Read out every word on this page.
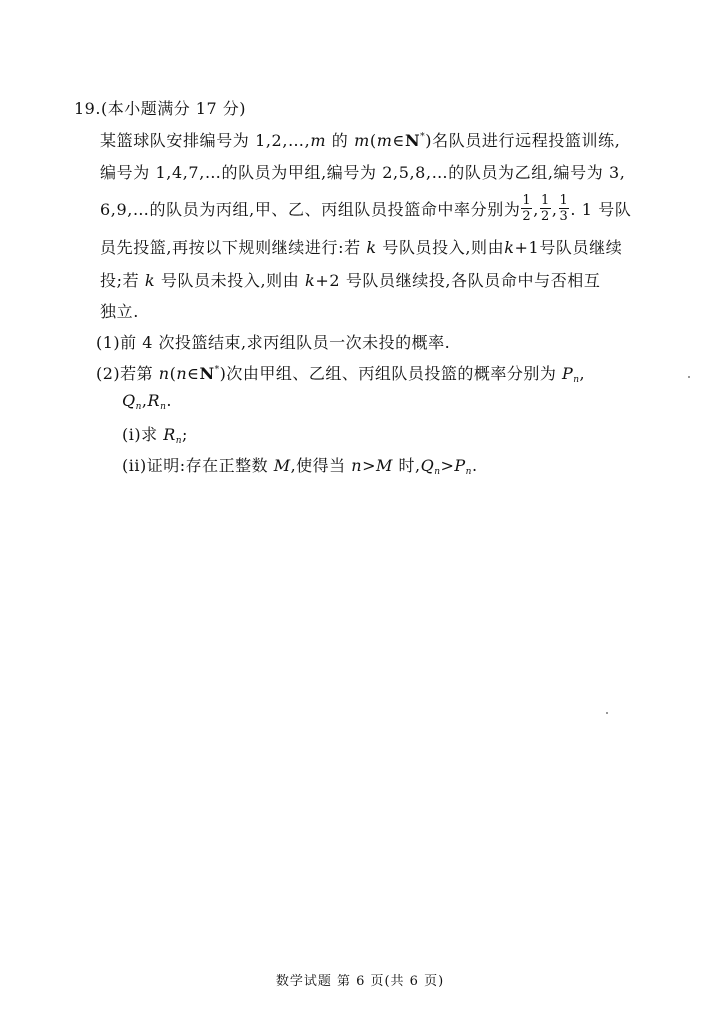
19.(本小题满分 17 分)
某篮球队安排编号为 1,2,…,m 的 m(m∈N*)名队员进行远程投篮训练,
编号为 1,4,7,…的队员为甲组,编号为 2,5,8,…的队员为乙组,编号为 3,
6,9,…的队员为丙组,甲、乙、丙组队员投篮命中率分别为 $\frac{1}{2}$ , $\frac{1}{2}$ , $\frac{1}{3}$ . 1 号队
员先投篮,再按以下规则继续进行:若 k 号队员投入,则由k+1号队员继续
投;若 k 号队员未投入,则由 k+2 号队员继续投,各队员命中与否相互
独立.
(1)前 4 次投篮结束,求丙组队员一次未投的概率.
(2)若第 n(n∈N*)次由甲组、乙组、丙组队员投篮的概率分别为 $P_n$,
$Q_n,R_n$.
(i)求 $R_n$;
(ii)证明:存在正整数 M,使得当 n>M 时$,Q_n>P_n$.
数学试题 第 6 页(共 6 页)
